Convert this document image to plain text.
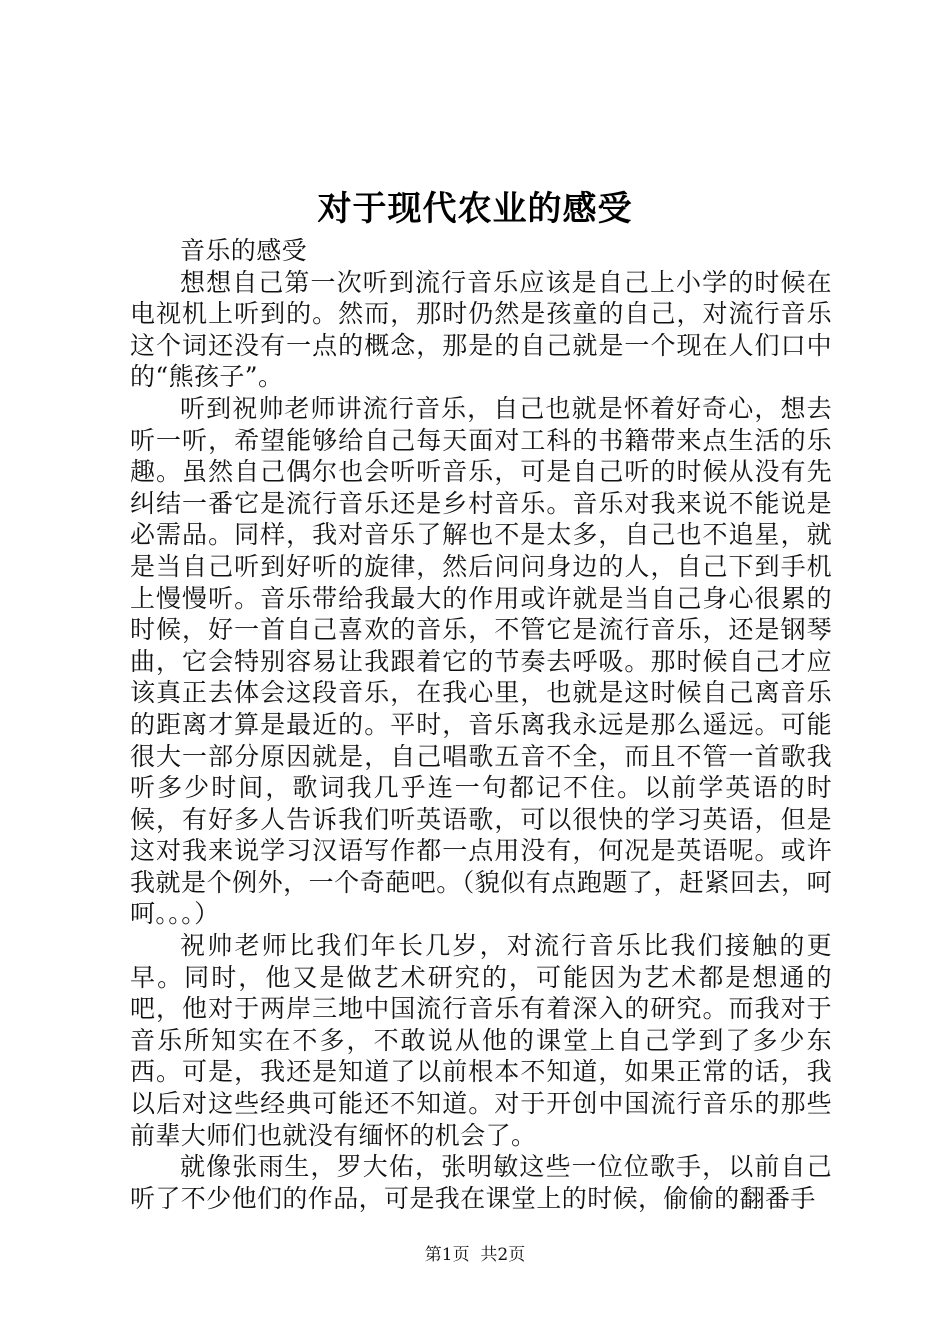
对于现代农业的感受

音乐的感受

想想自己第一次听到流行音乐应该是自己上小学的时候在电视机上听到的。然而，那时仍然是孩童的自己，对流行音乐这个词还没有一点的概念，那是的自己就是一个现在人们口中的“熊孩子”。

听到祝帅老师讲流行音乐，自己也就是怀着好奇心，想去听一听，希望能够给自己每天面对工科的书籍带来点生活的乐趣。虽然自己偶尔也会听听音乐，可是自己听的时候从没有先纠结一番它是流行音乐还是乡村音乐。音乐对我来说不能说是必需品。同样，我对音乐了解也不是太多，自己也不追星，就是当自己听到好听的旋律，然后问问身边的人，自己下到手机上慢慢听。音乐带给我最大的作用或许就是当自己身心很累的时候，好一首自己喜欢的音乐，不管它是流行音乐，还是钢琴曲，它会特别容易让我跟着它的节奏去呼吸。那时候自己才应该真正去体会这段音乐，在我心里，也就是这时候自己离音乐的距离才算是最近的。平时，音乐离我永远是那么遥远。可能很大一部分原因就是，自己唱歌五音不全，而且不管一首歌我听多少时间，歌词我几乎连一句都记不住。以前学英语的时候，有好多人告诉我们听英语歌，可以很快的学习英语，但是这对我来说学习汉语写作都一点用没有，何况是英语呢。或许我就是个例外，一个奇葩吧。（貌似有点跑题了，赶紧回去，呵呵。。。）

祝帅老师比我们年长几岁，对流行音乐比我们接触的更早。同时，他又是做艺术研究的，可能因为艺术都是想通的吧，他对于两岸三地中国流行音乐有着深入的研究。而我对于音乐所知实在不多，不敢说从他的课堂上自己学到了多少东西。可是，我还是知道了以前根本不知道，如果正常的话，我以后对这些经典可能还不知道。对于开创中国流行音乐的那些前辈大师们也就没有缅怀的机会了。

就像张雨生，罗大佑，张明敏这些一位位歌手，以前自己听了不少他们的作品，可是我在课堂上的时候，偷偷的翻番手

第1页 共2页
